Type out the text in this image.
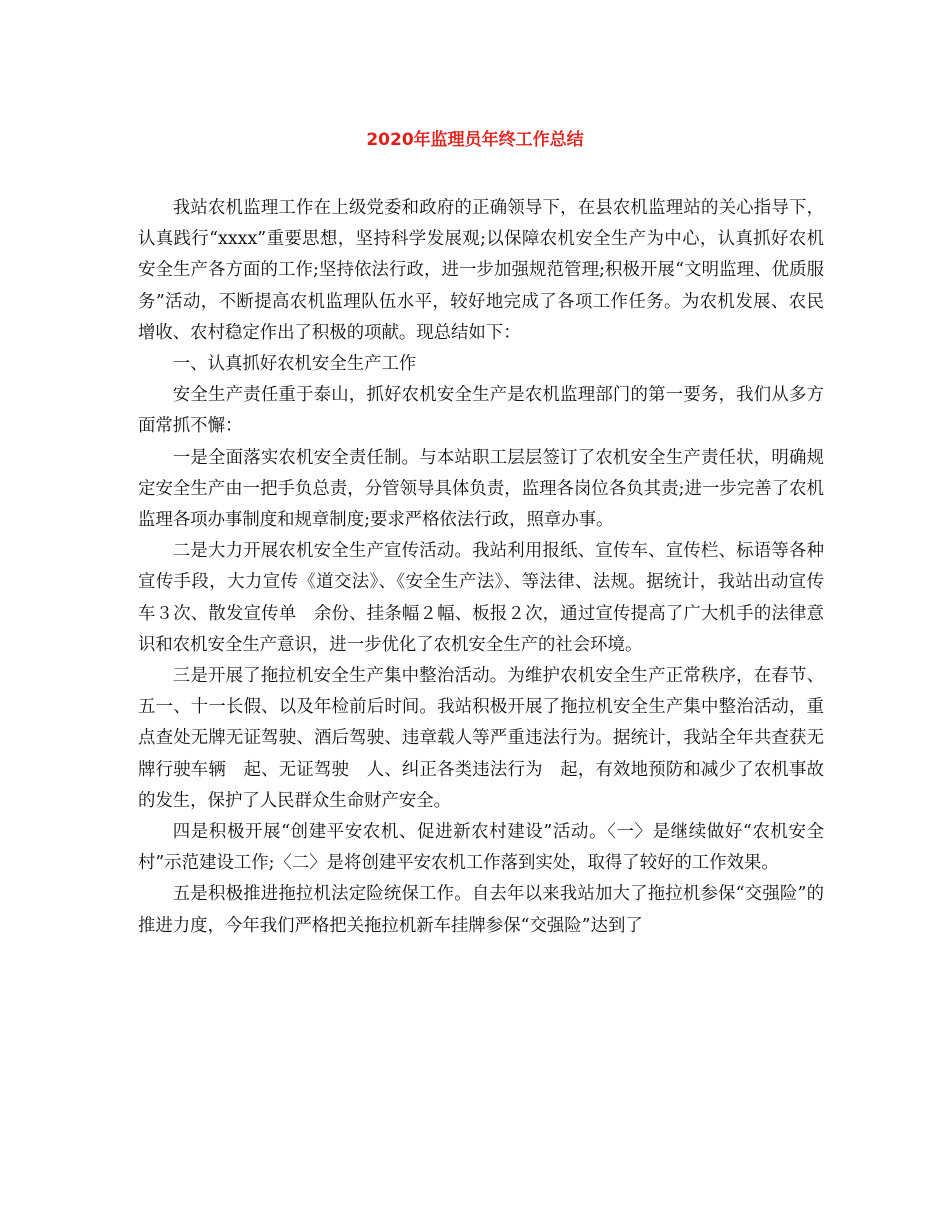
2020年监理员年终工作总结

我站农机监理工作在上级党委和政府的正确领导下，在县农机监理站的关心指导下，认真践行“xxxx”重要思想，坚持科学发展观;以保障农机安全生产为中心，认真抓好农机安全生产各方面的工作;坚持依法行政，进一步加强规范管理;积极开展“文明监理、优质服务”活动，不断提高农机监理队伍水平，较好地完成了各项工作任务。为农机发展、农民增收、农村稳定作出了积极的项献。现总结如下：

一、认真抓好农机安全生产工作

安全生产责任重于泰山，抓好农机安全生产是农机监理部门的第一要务，我们从多方面常抓不懈：

一是全面落实农机安全责任制。与本站职工层层签订了农机安全生产责任状，明确规定安全生产由一把手负总责，分管领导具体负责，监理各岗位各负其责;进一步完善了农机监理各项办事制度和规章制度;要求严格依法行政，照章办事。

二是大力开展农机安全生产宣传活动。我站利用报纸、宣传车、宣传栏、标语等各种宣传手段，大力宣传《道交法》、《安全生产法》、等法律、法规。据统计，我站出动宣传车３次、散发宣传单　余份、挂条幅２幅、板报２次，通过宣传提高了广大机手的法律意识和农机安全生产意识，进一步优化了农机安全生产的社会环境。

三是开展了拖拉机安全生产集中整治活动。为维护农机安全生产正常秩序，在春节、五一、十一长假、以及年检前后时间。我站积极开展了拖拉机安全生产集中整治活动，重点查处无牌无证驾驶、酒后驾驶、违章载人等严重违法行为。据统计，我站全年共查获无牌行驶车辆　起、无证驾驶　人、纠正各类违法行为　起，有效地预防和减少了农机事故的发生，保护了人民群众生命财产安全。

四是积极开展“创建平安农机、促进新农村建设”活动。〈一〉是继续做好“农机安全村”示范建设工作;〈二〉是将创建平安农机工作落到实处，取得了较好的工作效果。

五是积极推进拖拉机法定险统保工作。自去年以来我站加大了拖拉机参保“交强险”的推进力度，今年我们严格把关拖拉机新车挂牌参保“交强险”达到了
